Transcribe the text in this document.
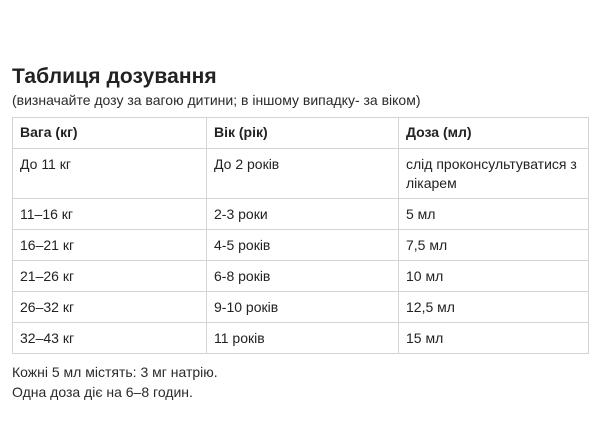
Таблиця дозування
(визначайте дозу за вагою дитини; в іншому випадку- за віком)
Вага (кг)	Вік (рік)	Доза (мл)
До 11 кг	До 2 років	слід проконсультуватися з лікарем
11–16 кг	2-3 роки	5 мл
16–21 кг	4-5 років	7,5 мл
21–26 кг	6-8 років	10 мл
26–32 кг	9-10 років	12,5 мл
32–43 кг	11 років	15 мл

Кожні 5 мл містять: 3 мг натрію.

Одна доза діє на 6–8 годин.
